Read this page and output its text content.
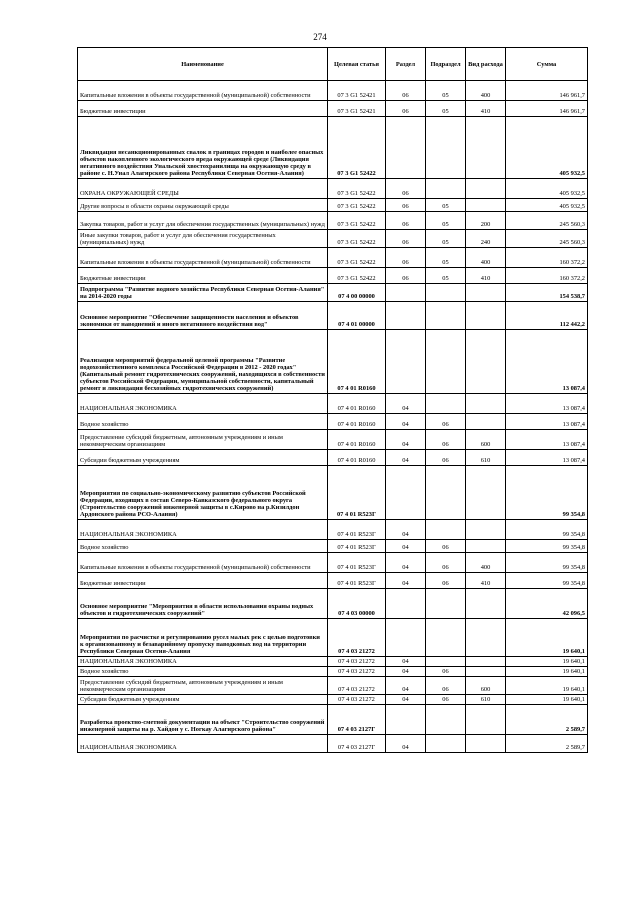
274
Наименование	Целевая статья	Раздел	Подраздел	Вид расхода	Сумма
Капитальные вложения в объекты государственной (муниципальной) собственности	07 3 G1 52421	06	05	400	146 961,7
Бюджетные инвестиции	07 3 G1 52421	06	05	410	146 961,7
Ликвидация несанкционированных свалок в границах городов и наиболее опасных объектов накопленного экологического вреда окружающей среде (Ликвидация негативного воздействия Унальской хвостохранилища на окружающую среду в районе с. Н.Унал Алагирского района Республики Северная Осетия-Алания)	07 3 G1 52422				405 932,5
ОХРАНА ОКРУЖАЮЩЕЙ СРЕДЫ	07 3 G1 52422	06			405 932,5
Другие вопросы в области охраны окружающей среды	07 3 G1 52422	06	05		405 932,5
Закупка товаров, работ и услуг для обеспечения государственных (муниципальных) нужд	07 3 G1 52422	06	05	200	245 560,3
Иные закупки товаров, работ и услуг для обеспечения государственных (муниципальных) нужд	07 3 G1 52422	06	05	240	245 560,3
Капитальные вложения в объекты государственной (муниципальной) собственности	07 3 G1 52422	06	05	400	160 372,2
Бюджетные инвестиции	07 3 G1 52422	06	05	410	160 372,2
Подпрограмма "Развитие водного хозяйства Республики Северная Осетия-Алания" на 2014-2020 годы	07 4 00 00000				154 538,7
Основное мероприятие "Обеспечение защищенности населения и объектов экономики от наводнений и иного негативного воздействия вод"	07 4 01 00000				112 442,2
Реализация мероприятий федеральной целевой программы "Развитие водохозяйственного комплекса Российской Федерации в 2012 - 2020 годах" (Капитальный ремонт гидротехнических сооружений, находящихся в собственности субъектов Российской Федерации, муниципальной собственности, капитальный ремонт и ликвидация бесхозяйных гидротехнических сооружений)	07 4 01 R0160				13 087,4
НАЦИОНАЛЬНАЯ ЭКОНОМИКА	07 4 01 R0160	04			13 087,4
Водное хозяйство	07 4 01 R0160	04	06		13 087,4
Предоставление субсидий бюджетным, автономным учреждениям и иным некоммерческим организациям	07 4 01 R0160	04	06	600	13 087,4
Субсидии бюджетным учреждениям	07 4 01 R0160	04	06	610	13 087,4
Мероприятия по социально-экономическому развитию субъектов Российской Федерации, входящих в состав Северо-Кавказского федерального округа (Строительство сооружений инженерной защиты в с.Кирово на р.Кизилдон Ардонского района РСО-Алания)	07 4 01 R523Г				99 354,8
НАЦИОНАЛЬНАЯ ЭКОНОМИКА	07 4 01 R523Г	04			99 354,8
Водное хозяйство	07 4 01 R523Г	04	06		99 354,8
Капитальные вложения в объекты государственной (муниципальной) собственности	07 4 01 R523Г	04	06	400	99 354,8
Бюджетные инвестиции	07 4 01 R523Г	04	06	410	99 354,8
Основное мероприятие "Мероприятия в области использования охраны водных объектов и гидротехнических сооружений"	07 4 03 00000				42 096,5
Мероприятия по расчистке и регулированию русел малых рек с целью подготовки к организованному и безаварийному пропуску паводковых вод на территории Республики Северная Осетия-Алания	07 4 03 21272				19 640,1
НАЦИОНАЛЬНАЯ ЭКОНОМИКА	07 4 03 21272	04			19 640,1
Водное хозяйство	07 4 03 21272	04	06		19 640,1
Предоставление субсидий бюджетным, автономным учреждениям и иным некоммерческим организациям	07 4 03 21272	04	06	600	19 640,1
Субсидии бюджетным учреждениям	07 4 03 21272	04	06	610	19 640,1
Разработка проектно-сметной документации на объект "Строительство сооружений инженерной защиты на р. Хайдон у с. Ногкау Алагирского района"	07 4 03 2127Г				2 589,7
НАЦИОНАЛЬНАЯ ЭКОНОМИКА	07 4 03 2127Г	04			2 589,7
